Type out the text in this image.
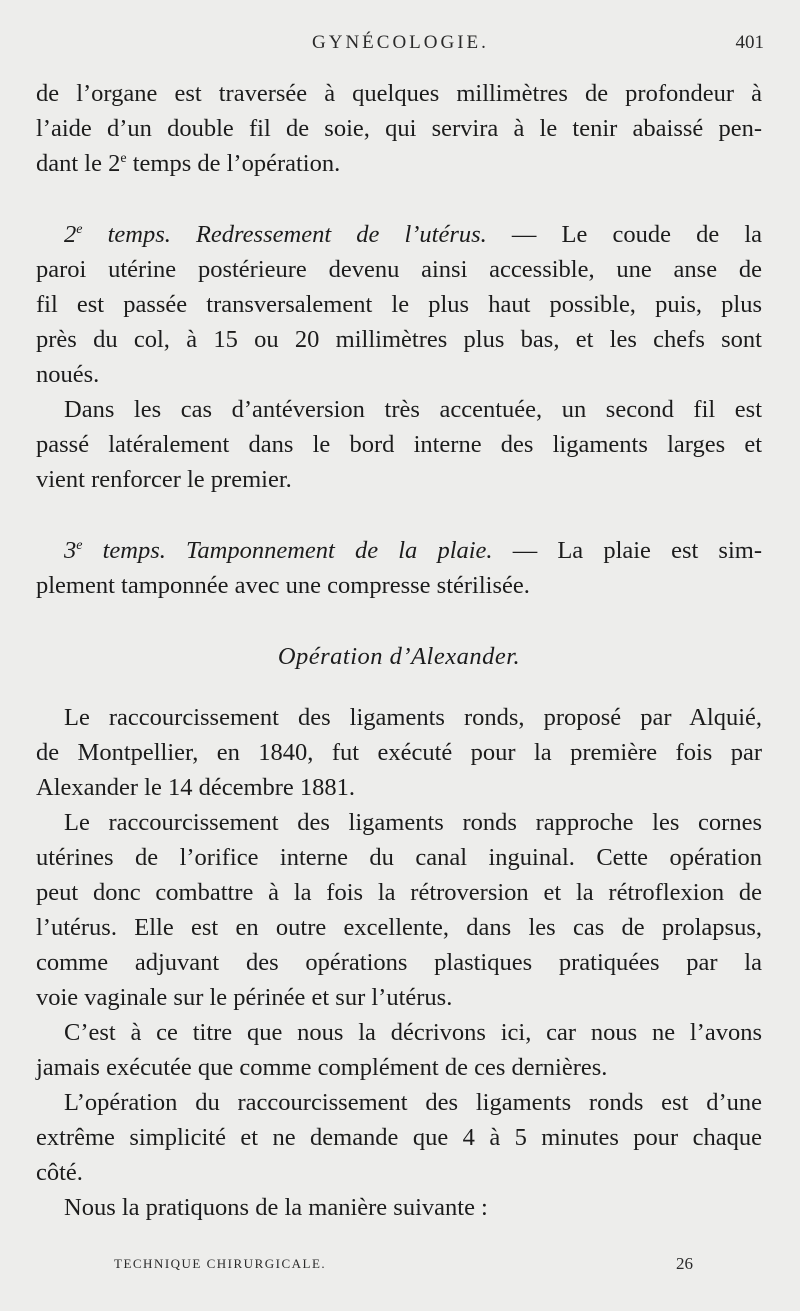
GYNÉCOLOGIE.	401
de l’organe est traversée à quelques millimètres de profondeur à
l’aide d’un double fil de soie, qui servira à le tenir abaissé pen-
dant le 2e temps de l’opération.
2e temps. Redressement de l’utérus. — Le coude de la
paroi utérine postérieure devenu ainsi accessible, une anse de
fil est passée transversalement le plus haut possible, puis, plus
près du col, à 15 ou 20 millimètres plus bas, et les chefs sont
noués.
Dans les cas d’antéversion très accentuée, un second fil est
passé latéralement dans le bord interne des ligaments larges et
vient renforcer le premier.
3e temps. Tamponnement de la plaie. — La plaie est sim-
plement tamponnée avec une compresse stérilisée.
Opération d’Alexander.
Le raccourcissement des ligaments ronds, proposé par Alquié,
de Montpellier, en 1840, fut exécuté pour la première fois par
Alexander le 14 décembre 1881.
Le raccourcissement des ligaments ronds rapproche les cornes
utérines de l’orifice interne du canal inguinal. Cette opération
peut donc combattre à la fois la rétroversion et la rétroflexion de
l’utérus. Elle est en outre excellente, dans les cas de prolapsus,
comme adjuvant des opérations plastiques pratiquées par la
voie vaginale sur le périnée et sur l’utérus.
C’est à ce titre que nous la décrivons ici, car nous ne l’avons
jamais exécutée que comme complément de ces dernières.
L’opération du raccourcissement des ligaments ronds est d’une
extrême simplicité et ne demande que 4 à 5 minutes pour chaque
côté.
Nous la pratiquons de la manière suivante :
TECHNIQUE CHIRURGICALE.	26
